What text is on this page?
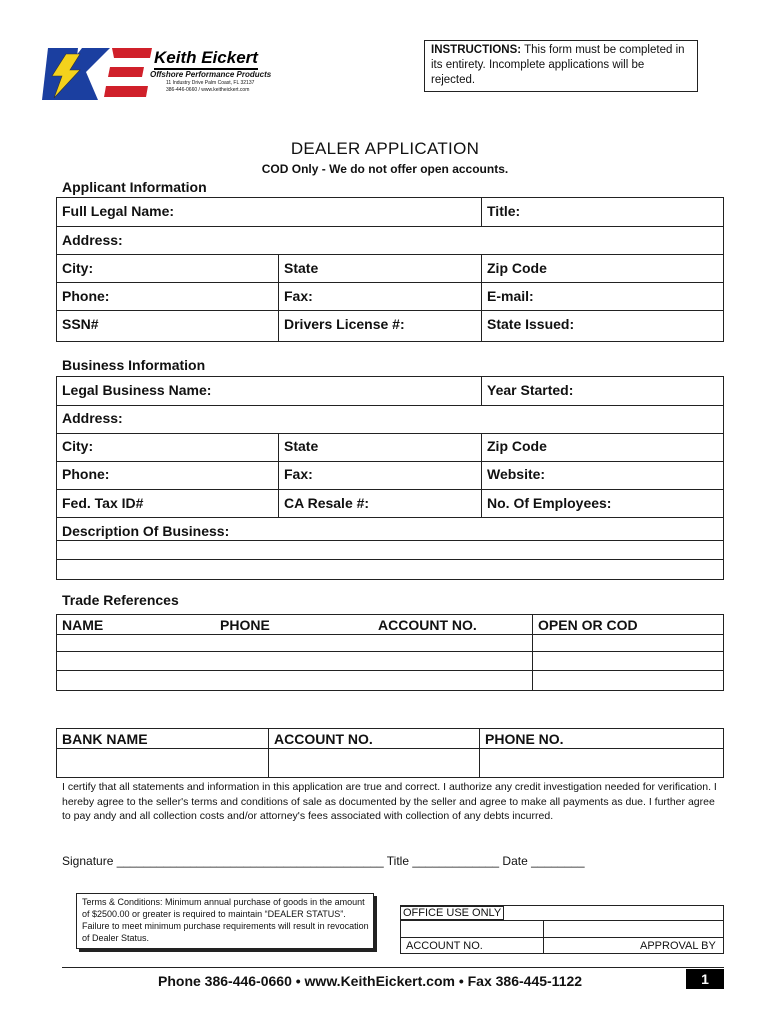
Keith Eickert
Offshore Performance Products
11 Industry Drive Palm Coast, FL 32137
386-446-0660 / www.keitheickert.com
INSTRUCTIONS: This form must be completed in its entirety. Incomplete applications will be rejected.
DEALER APPLICATION
COD Only - We do not offer open accounts.
Applicant Information
Full Legal Name:	Title:
Address:
City:	State	Zip Code
Phone:	Fax:	E-mail:
SSN#	Drivers License #:	State Issued:
Business Information
Legal Business Name:	Year Started:
Address:
City:	State	Zip Code
Phone:	Fax:	Website:
Fed. Tax ID#	CA Resale #:	No. Of Employees:
Description Of Business:
Trade References
NAME	PHONE	ACCOUNT NO.	OPEN OR COD
BANK NAME	ACCOUNT NO.	PHONE NO.
I certify that all statements and information in this application are true and correct. I authorize any credit investigation needed for verification. I hereby agree to the seller's terms and conditions of sale as documented by the seller and agree to make all payments as due. I further agree to pay andy and all collection costs and/or attorney's fees associated with collection of any debts incurred.
Signature ________________________________________ Title _____________ Date ________
Terms & Conditions: Minimum annual purchase of goods in the amount of $2500.00 or greater is required to maintain “DEALER STATUS”. Failure to meet minimum purchase requirements will result in revocation of Dealer Status.
OFFICE USE ONLY
ACCOUNT NO.	APPROVAL BY
Phone 386-446-0660 • www.KeithEickert.com • Fax 386-445-1122	1
